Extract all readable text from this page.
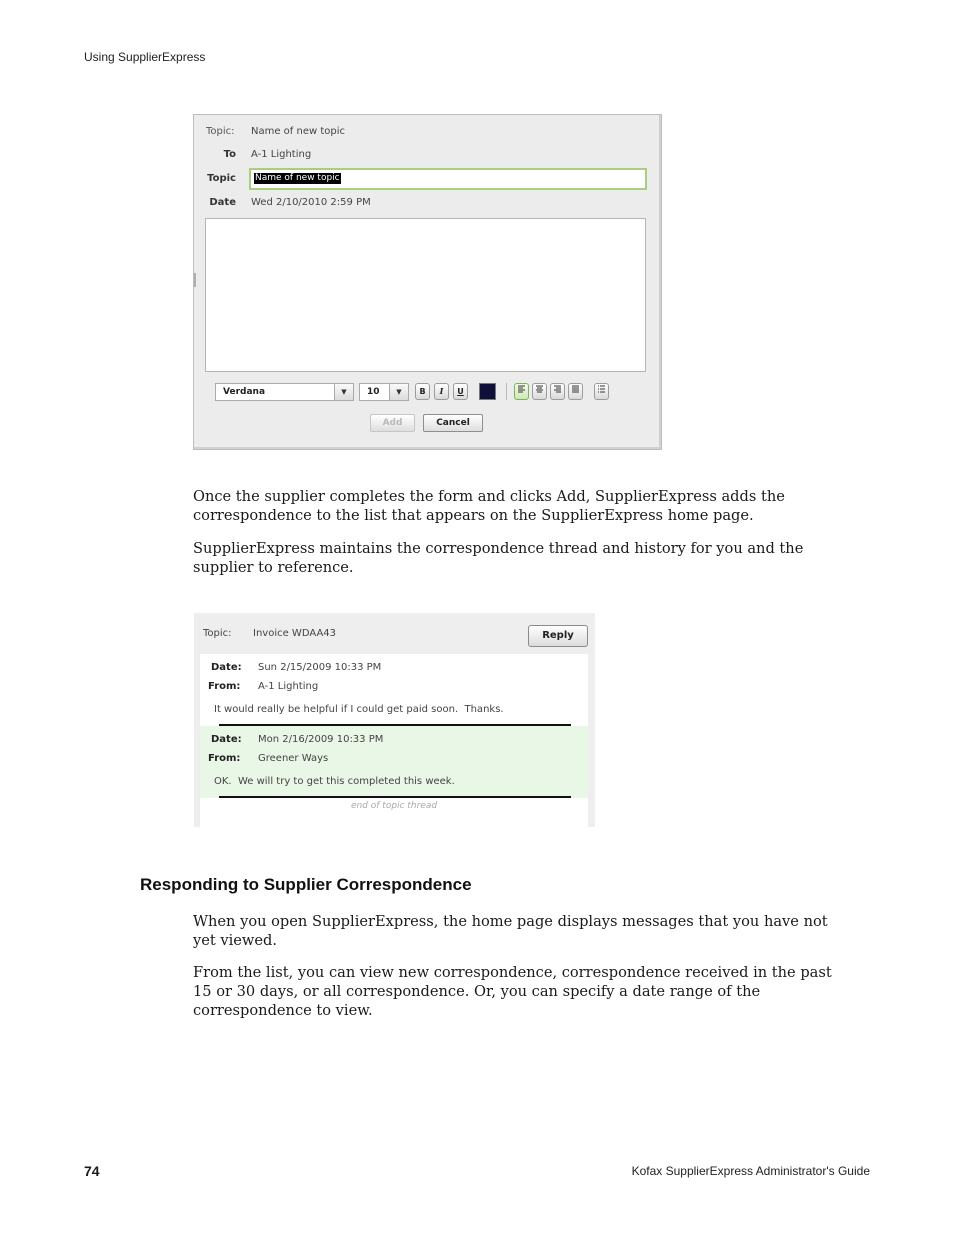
Using SupplierExpress
Topic: Name of new topic
To A-1 Lighting
Topic Name of new topic
Date Wed 2/10/2010 2:59 PM
Verdana	▼	10	▼	B	I	U
Add	Cancel
Once the supplier completes the form and clicks Add, SupplierExpress adds the correspondence to the list that appears on the SupplierExpress home page.
SupplierExpress maintains the correspondence thread and history for you and the supplier to reference.
Topic: Invoice WDAA43	Reply
Date: Sun 2/15/2009 10:33 PM
From: A-1 Lighting
It would really be helpful if I could get paid soon.  Thanks.
Date: Mon 2/16/2009 10:33 PM
From: Greener Ways
OK.  We will try to get this completed this week.
end of topic thread
Responding to Supplier Correspondence
When you open SupplierExpress, the home page displays messages that you have not yet viewed.
From the list, you can view new correspondence, correspondence received in the past 15 or 30 days, or all correspondence. Or, you can specify a date range of the correspondence to view.
74	Kofax SupplierExpress Administrator's Guide
